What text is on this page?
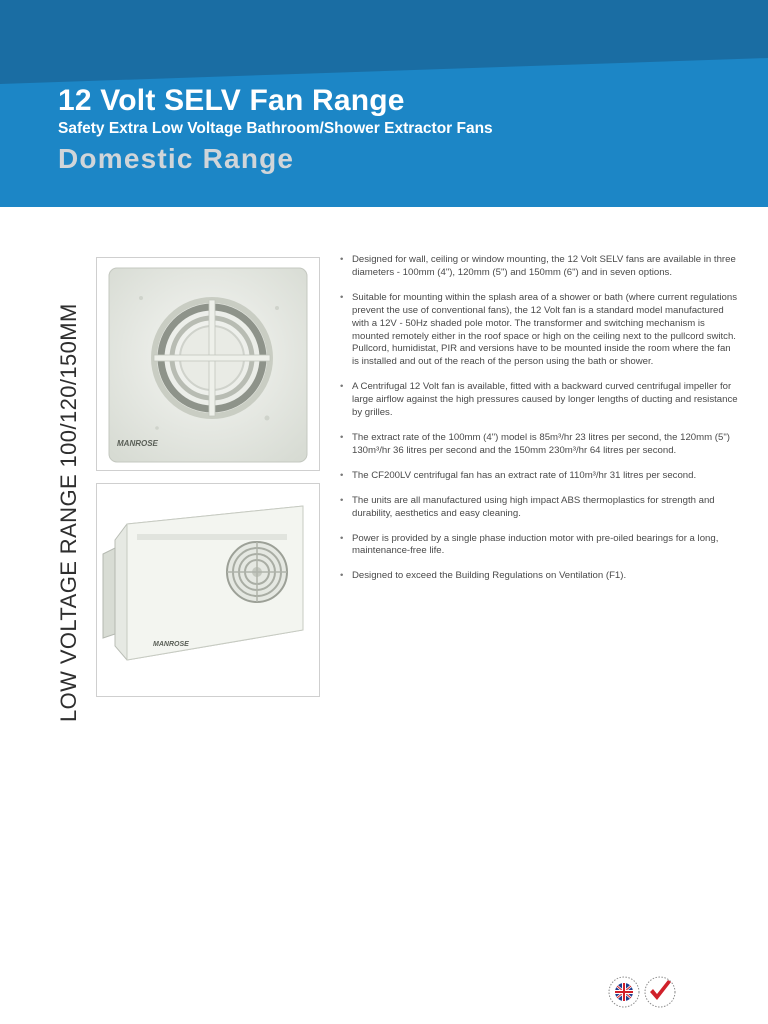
12 Volt SELV Fan Range

Safety Extra Low Voltage Bathroom/Shower Extractor Fans

Domestic Range
LOW VOLTAGE RANGE 100/120/150MM	MANROSE
MANROSE
• Designed for wall, ceiling or window mounting, the 12 Volt SELV fans are available in three diameters - 100mm (4"), 120mm (5") and 150mm (6") and in seven options.
• Suitable for mounting within the splash area of a shower or bath (where current regulations prevent the use of conventional fans), the 12 Volt fan is a standard model manufactured with a 12V - 50Hz shaded pole motor. The transformer and switching mechanism is mounted remotely either in the roof space or high on the ceiling next to the pullcord switch. Pullcord, humidistat, PIR and versions have to be mounted inside the room where the fan is installed and out of the reach of the person using the bath or shower.
• A Centrifugal 12 Volt fan is available, fitted with a backward curved centrifugal impeller for large airflow against the high pressures caused by longer lengths of ducting and resistance by grilles.
• The extract rate of the 100mm (4") model is 85m³/hr 23 litres per second, the 120mm (5") 130m³/hr 36 litres per second and the 150mm 230m³/hr 64 litres per second.
• The CF200LV centrifugal fan has an extract rate of 110m³/hr 31 litres per second.
• The units are all manufactured using high impact ABS thermoplastics for strength and durability, aesthetics and easy cleaning.
• Power is provided by a single phase induction motor with pre-oiled bearings for a long, maintenance-free life.
• Designed to exceed the Building Regulations on Ventilation (F1).
